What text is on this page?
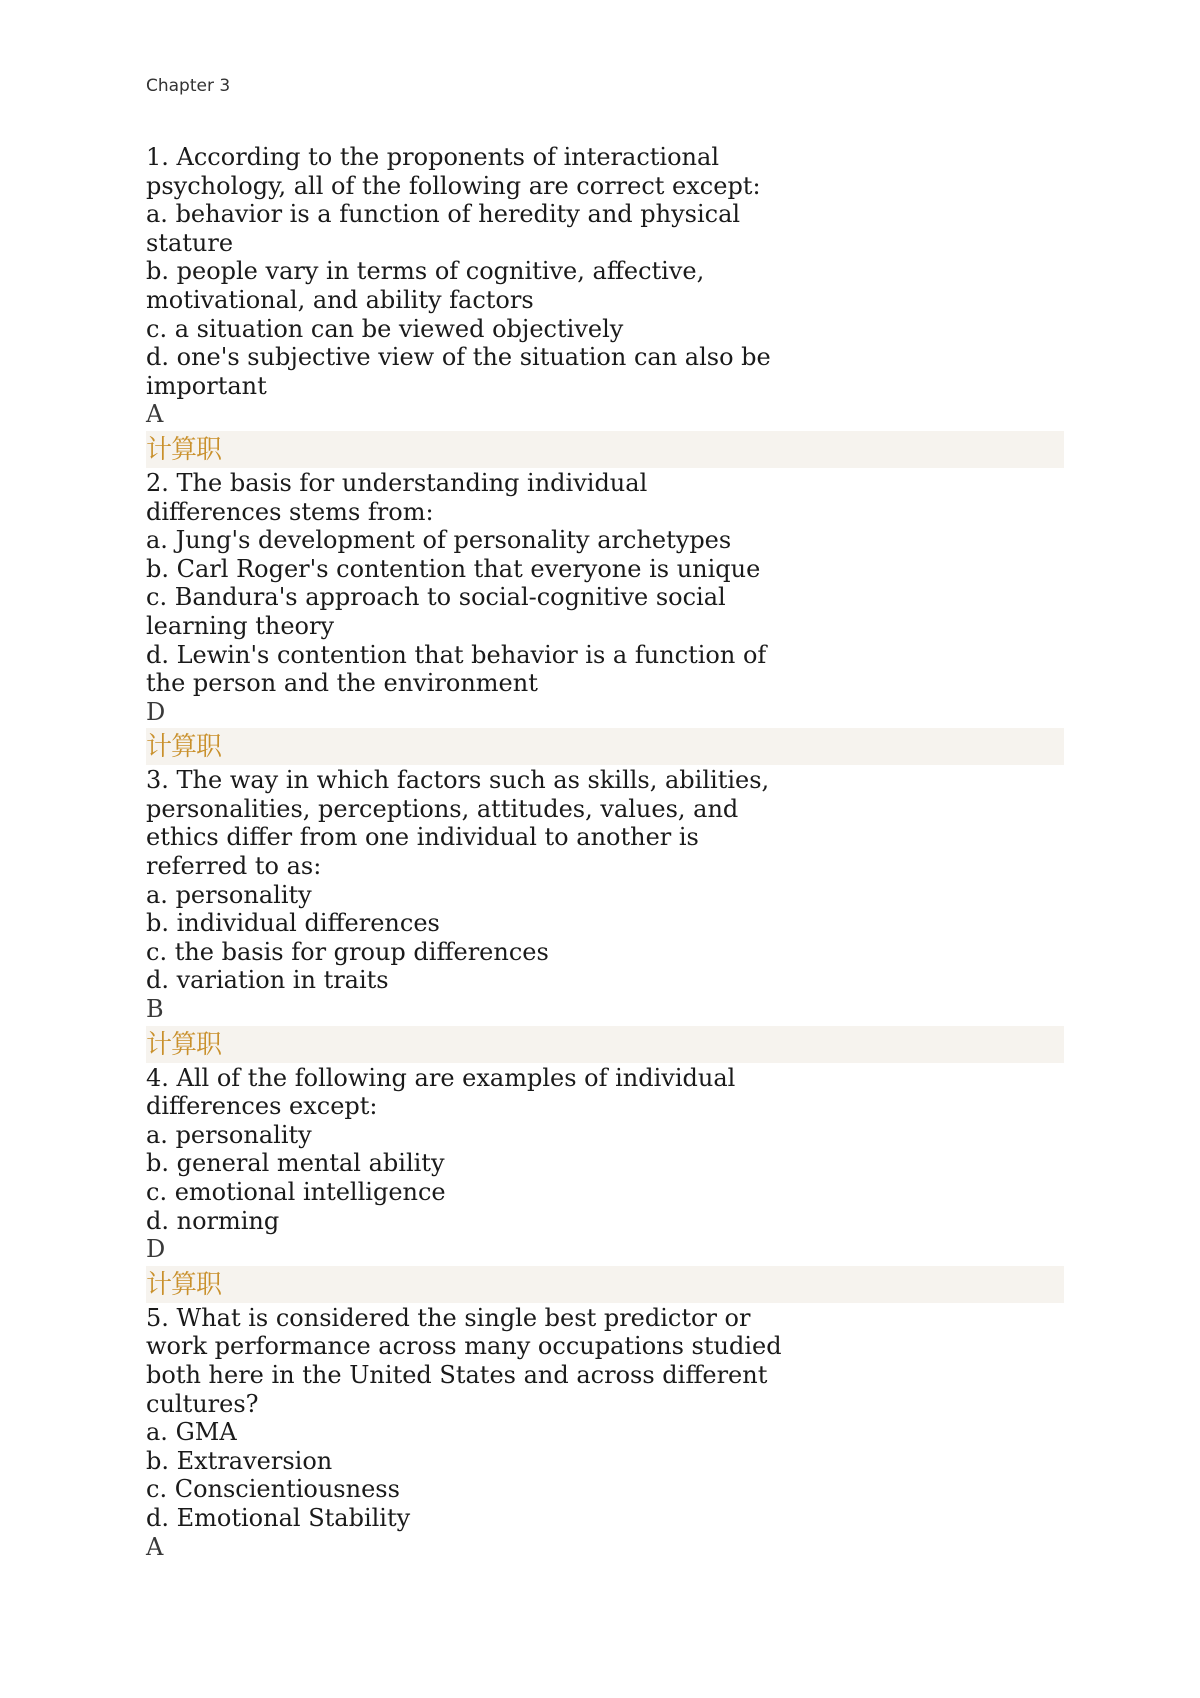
Chapter 3
1. According to the proponents of interactional
psychology, all of the following are correct except:
a. behavior is a function of heredity and physical
stature
b. people vary in terms of cognitive, affective,
motivational, and ability factors
c. a situation can be viewed objectively
d. one's subjective view of the situation can also be
important
A
计算职
2. The basis for understanding individual
differences stems from:
a. Jung's development of personality archetypes
b. Carl Roger's contention that everyone is unique
c. Bandura's approach to social-cognitive social
learning theory
d. Lewin's contention that behavior is a function of
the person and the environment
D
计算职
3. The way in which factors such as skills, abilities,
personalities, perceptions, attitudes, values, and
ethics differ from one individual to another is
referred to as:
a. personality
b. individual differences
c. the basis for group differences
d. variation in traits
B
计算职
4. All of the following are examples of individual
differences except:
a. personality
b. general mental ability
c. emotional intelligence
d. norming
D
计算职
5. What is considered the single best predictor or
work performance across many occupations studied
both here in the United States and across different
cultures?
a. GMA
b. Extraversion
c. Conscientiousness
d. Emotional Stability
A
